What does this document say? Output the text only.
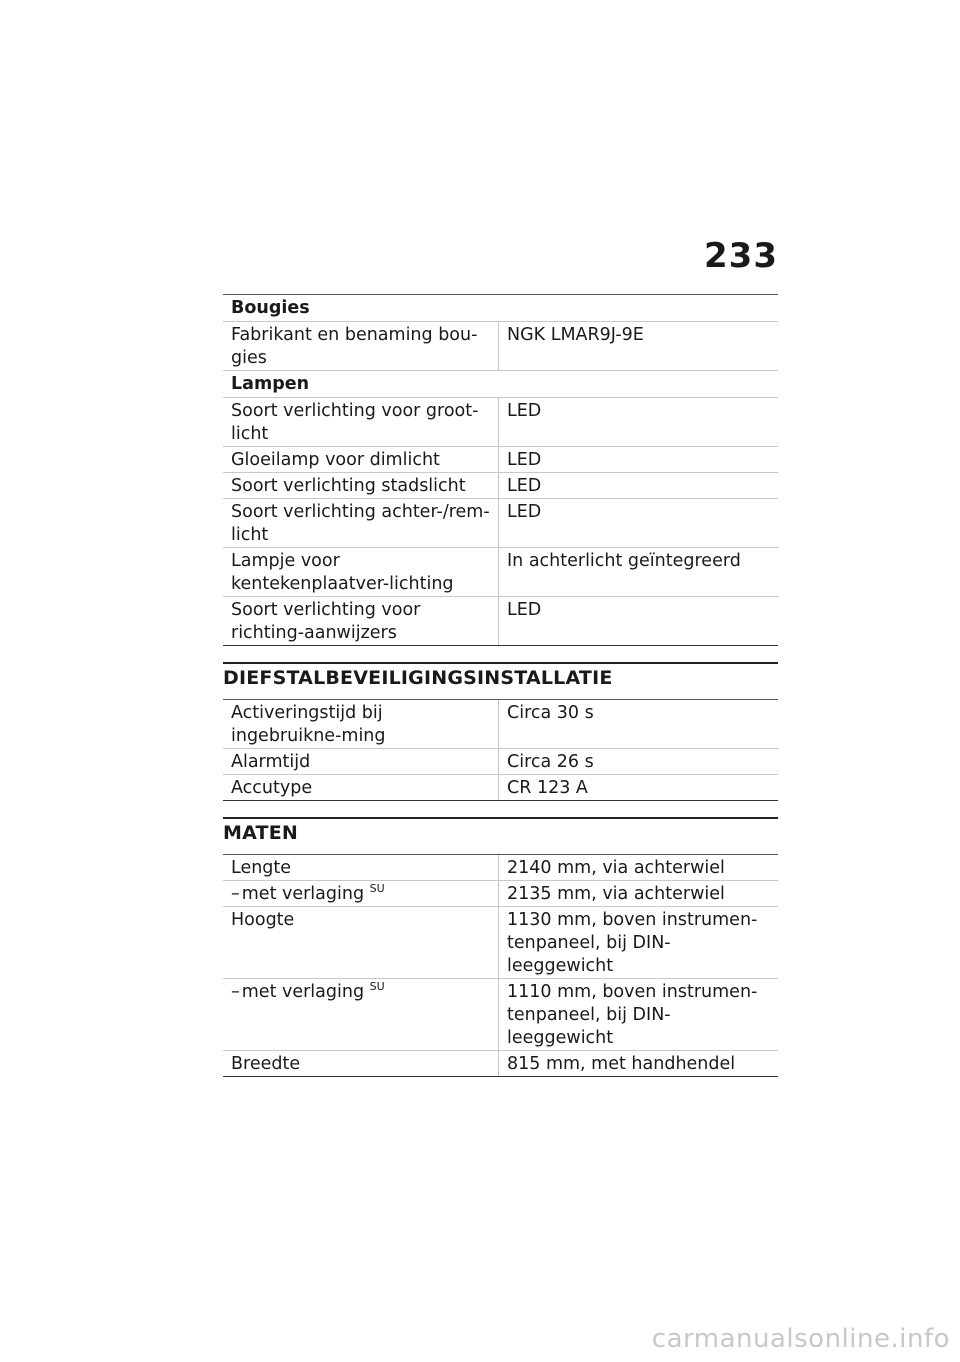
233
Bougies	
Fabrikant en benaming bou-gies	NGK LMAR9J-9E
Lampen	
Soort verlichting voor groot-licht	LED
Gloeilamp voor dimlicht	LED
Soort verlichting stadslicht	LED
Soort verlichting achter-/rem-licht	LED
Lampje voor kentekenplaatver-lichting	In achterlicht geïntegreerd
Soort verlichting voor richting-aanwijzers	LED
DIEFSTALBEVEILIGINGSINSTALLATIE
Activeringstijd bij ingebruikne-ming	Circa 30 s
Alarmtijd	Circa 26 s
Accutype	CR 123 A
MATEN
Lengte	2140 mm, via achterwiel
– met verlaging $^{SU}$	2135 mm, via achterwiel
Hoogte	1130 mm, boven instrumen-tenpaneel, bij DIN-leeggewicht
– met verlaging $^{SU}$	1110 mm, boven instrumen-tenpaneel, bij DIN-leeggewicht
Breedte	815 mm, met handhendel
carmanualsonline.info
